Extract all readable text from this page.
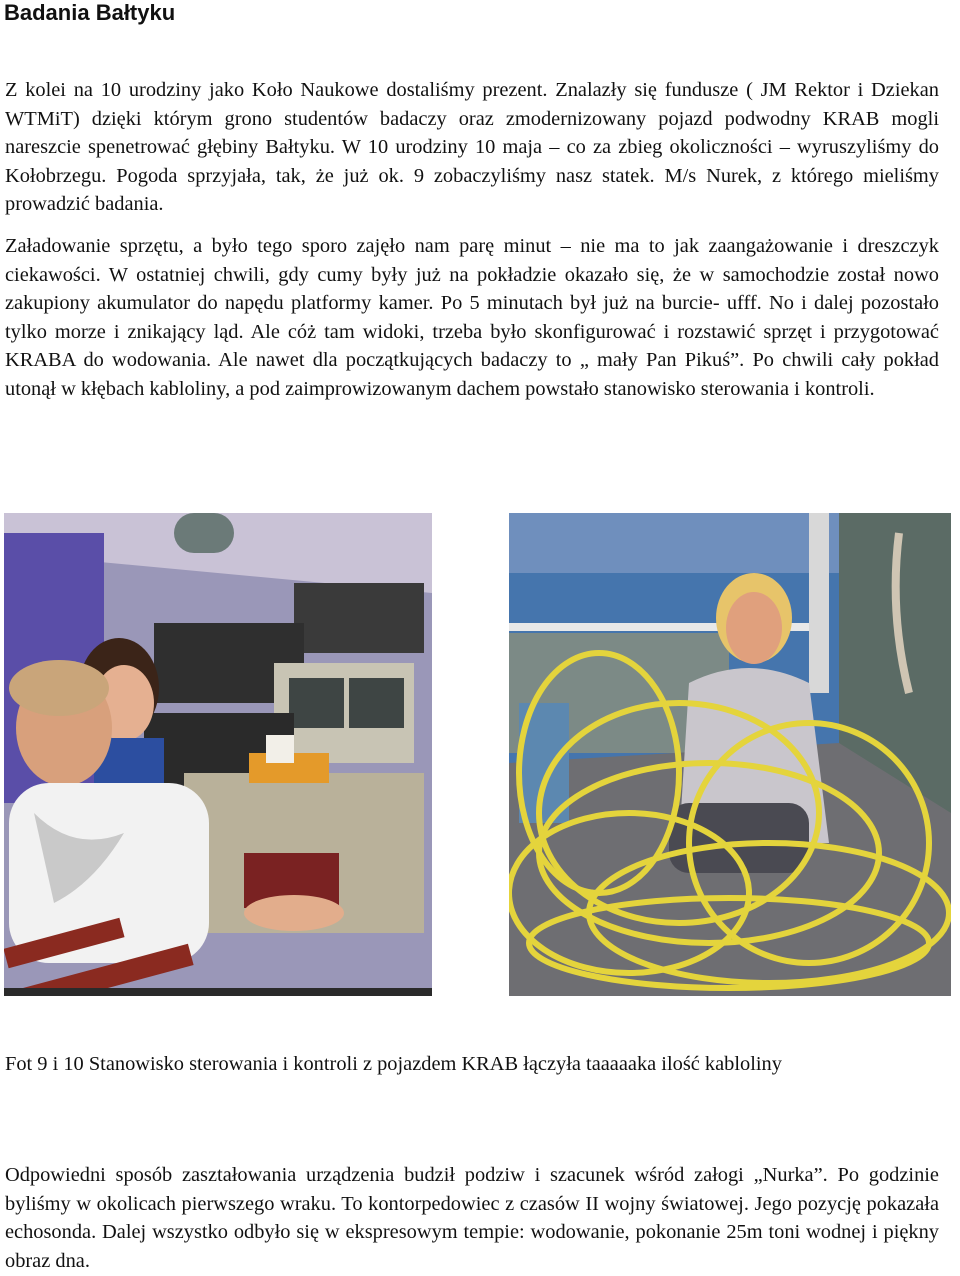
Badania Bałtyku

Z kolei na 10 urodziny jako Koło Naukowe dostaliśmy prezent. Znalazły się fundusze ( JM Rektor i Dziekan WTMiT) dzięki którym grono studentów badaczy oraz zmodernizowany pojazd podwodny KRAB mogli nareszcie spenetrować głębiny Bałtyku. W 10 urodziny 10 maja – co za zbieg okoliczności – wyruszyliśmy do Kołobrzegu. Pogoda sprzyjała, tak, że już ok. 9 zobaczyliśmy nasz statek. M/s Nurek, z którego mieliśmy prowadzić badania.

Załadowanie sprzętu, a było tego sporo zajęło nam parę minut – nie ma to jak zaangażowanie i dreszczyk ciekawości. W ostatniej chwili, gdy cumy były już na pokładzie okazało się, że w samochodzie został nowo zakupiony akumulator do napędu platformy kamer. Po 5 minutach był już na burcie- ufff. No i dalej pozostało tylko morze i znikający ląd. Ale cóż tam widoki, trzeba było skonfigurować i rozstawić sprzęt i przygotować KRABA do wodowania. Ale nawet dla początkujących badaczy to „ mały Pan Pikuś”. Po chwili cały pokład utonął w kłębach kabloliny, a pod zaimprowizowanym dachem powstało stanowisko sterowania i kontroli.

Fot 9 i 10 Stanowisko sterowania i kontroli z pojazdem KRAB łączyła taaaaaka ilość kabloliny

Odpowiedni sposób zaształowania urządzenia budził podziw i szacunek wśród załogi „Nurka”. Po godzinie byliśmy w okolicach pierwszego wraku. To kontorpedowiec z czasów II wojny światowej. Jego pozycję pokazała echosonda. Dalej wszystko odbyło się w ekspresowym tempie: wodowanie, pokonanie 25m toni wodnej i piękny obraz dna.
